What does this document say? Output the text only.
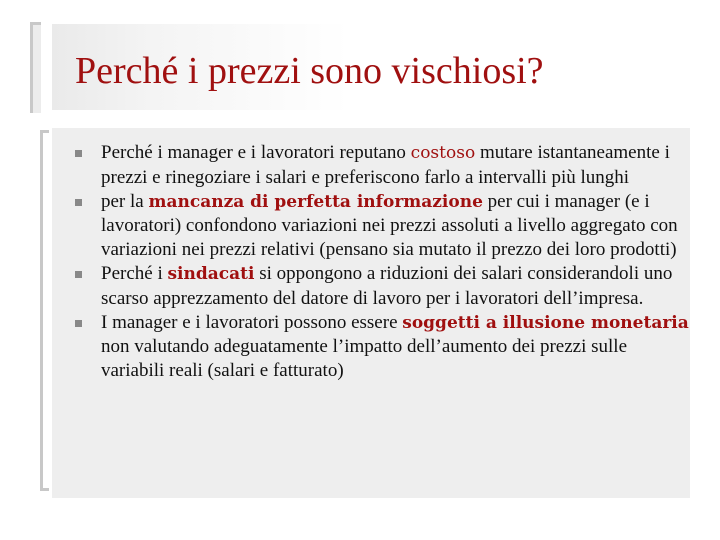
Perché i prezzi sono vischiosi?
Perché i manager e i lavoratori reputano costoso mutare istantaneamente i prezzi e rinegoziare i salari e preferiscono farlo a intervalli più lunghi
per la mancanza di perfetta informazione per cui i manager (e i lavoratori) confondono variazioni nei prezzi assoluti a livello aggregato con variazioni nei prezzi relativi (pensano sia mutato il prezzo dei loro prodotti)
Perché i sindacati si oppongono a riduzioni dei salari considerandoli uno scarso apprezzamento del datore di lavoro per i lavoratori dell’impresa.
I manager e i lavoratori possono essere soggetti a illusione monetaria non valutando adeguatamente l’impatto dell’aumento dei prezzi sulle variabili reali (salari e fatturato)
